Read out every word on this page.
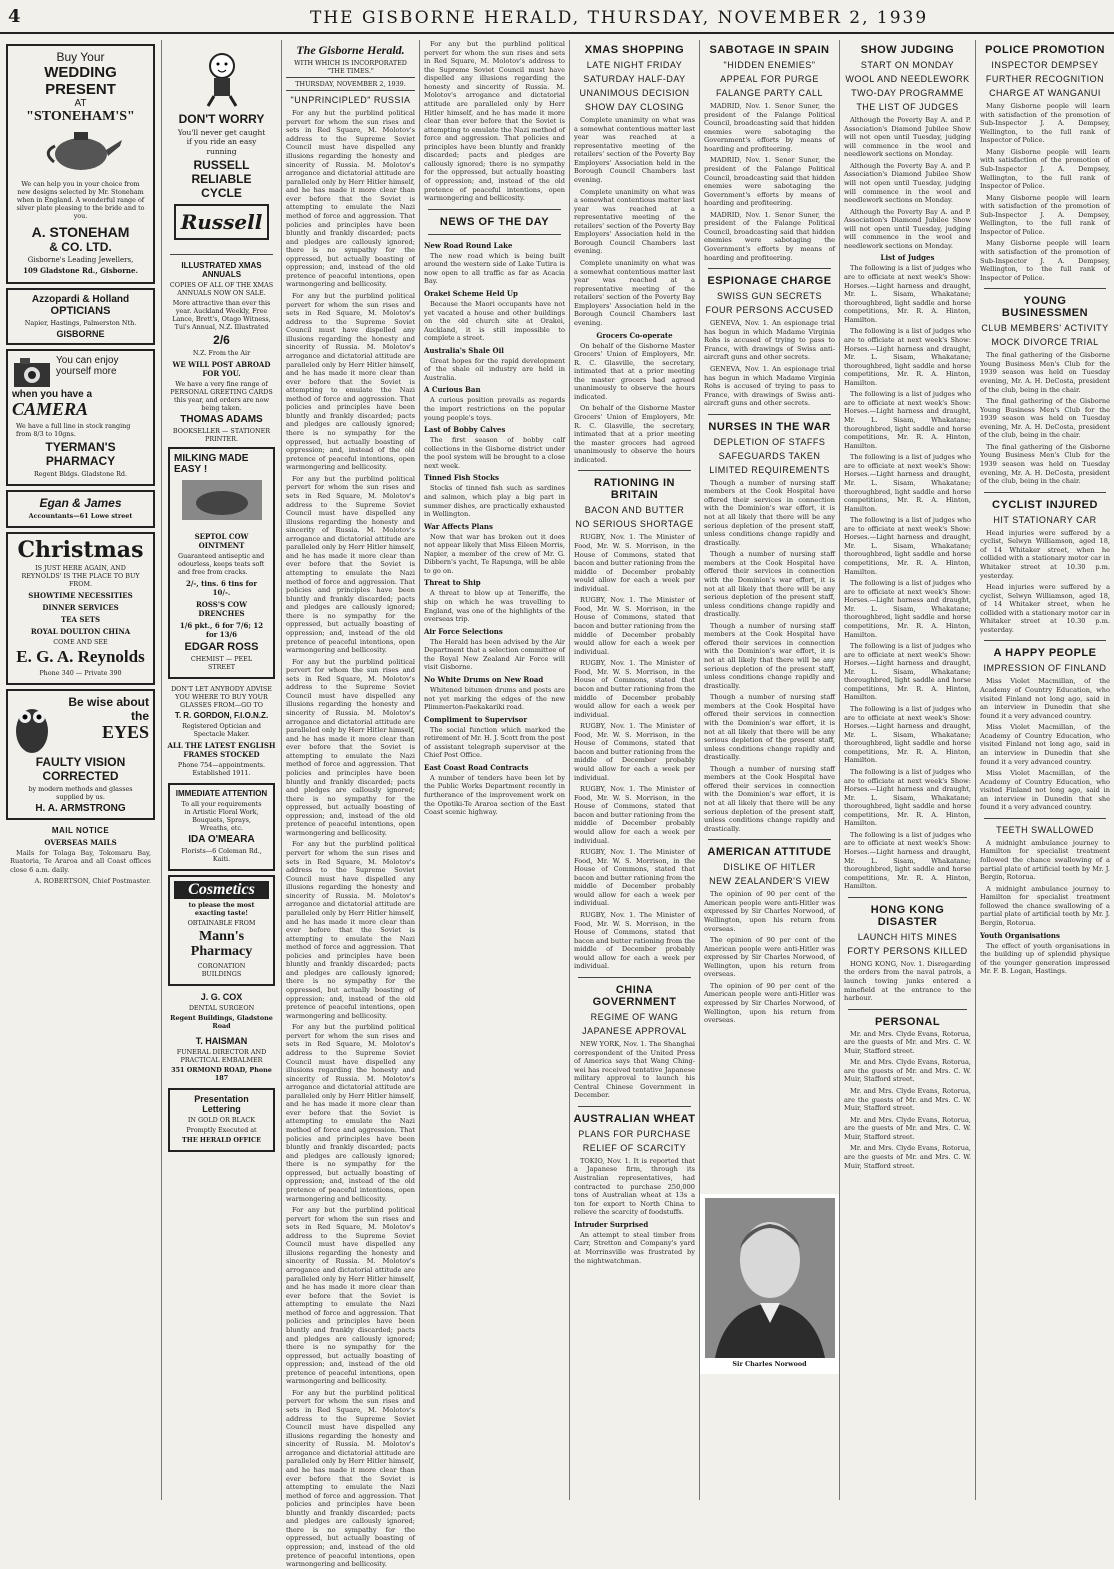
4	THE GISBORNE HERALD, THURSDAY, NOVEMBER 2, 1939
Buy Your
WEDDING
PRESENT
AT
"STONEHAM'S"
We can help you in your choice from new designs selected by Mr. Stoneham when in England. A wonderful range of silver plate pleasing to the bride and to you.
A. STONEHAM
& CO. LTD.
Gisborne's Leading Jewellers,
109 Gladstone Rd., Gisborne.
Azzopardi & Holland
OPTICIANS
Napier, Hastings, Palmerston Nth.
GISBORNE
You can enjoy yourself more
when you have a
CAMERA
We have a full line in stock ranging from 8/3 to 10gns.
TYERMAN'S
PHARMACY
Regent Bldgs. Gladstone Rd.
Egan & James
Accountants—61 Lowe street
Christmas
IS JUST HERE AGAIN, AND REYNOLDS' IS THE PLACE TO BUY FROM.
SHOWTIME NECESSITIES
DINNER SERVICES
TEA SETS
ROYAL DOULTON CHINA
COME AND SEE
E. G. A. Reynolds
Phone 340 — Private 390
Be wise about the
EYES
FAULTY VISION
CORRECTED
by modern methods and glasses supplied by us.
H. A. ARMSTRONG
MAIL NOTICE
OVERSEAS MAILS
Mails for Tolaga Bay, Tokomaru Bay, Ruatoria, Te Araroa and all Coast offices close 6 a.m. daily.
A. ROBERTSON, Chief Postmaster.
DON'T WORRY
You'll never get caught if you ride an easy running
RUSSELL
RELIABLE CYCLE
Russell
ILLUSTRATED XMAS ANNUALS
COPIES OF ALL OF THE XMAS ANNUALS NOW ON SALE.
More attractive than ever this year. Auckland Weekly, Free Lance, Brett's, Otago Witness, Tui's Annual, N.Z. Illustrated
2/6
N.Z. From the Air
WE WILL POST ABROAD FOR YOU.
We have a very fine range of PERSONAL GREETING CARDS this year, and orders are now being taken.
THOMAS ADAMS
BOOKSELLER — STATIONER PRINTER.
MILKING MADE EASY !
SEPTOL COW OINTMENT
Guaranteed antiseptic and odourless, keeps teats soft and free from cracks.
2/-, tins. 6 tins for 10/-.
ROSS'S COW DRENCHES
1/6 pkt., 6 for 7/6; 12 for 13/6
EDGAR ROSS
CHEMIST — PEEL STREET
DON'T LET ANYBODY ADVISE YOU WHERE TO BUY YOUR GLASSES FROM—GO TO
T. R. GORDON, F.I.O.N.Z.
Registered Optician and Spectacle Maker.
ALL THE LATEST ENGLISH FRAMES STOCKED
Phone 754—appointments. Established 1911.
IMMEDIATE ATTENTION
To all your requirements in Artistic Floral Work, Bouquets, Sprays, Wreaths, etc.
IDA O'MEARA
Florists—6 Coleman Rd., Kaiti.
Cosmetics
to please the most exacting taste!
OBTAINABLE FROM
Mann's Pharmacy
CORONATION BUILDINGS
J. G. COX
DENTAL SURGEON
Regent Buildings, Gladstone Road
T. HAISMAN
FUNERAL DIRECTOR AND PRACTICAL EMBALMER
351 ORMOND ROAD, Phone 187
Presentation Lettering
IN GOLD OR BLACK
Promptly Executed at
THE HERALD OFFICE
The Gisborne Herald.
WITH WHICH IS INCORPORATED "THE TIMES."
THURSDAY, NOVEMBER 2, 1939.
"UNPRINCIPLED" RUSSIA
For any but the purblind political pervert for whom the sun rises and sets in Red Square, M. Molotov's address to the Supreme Soviet Council must have dispelled any illusions regarding the honesty and sincerity of Russia. M. Molotov's arrogance and dictatorial attitude are paralleled only by Herr Hitler himself, and he has made it more clear than ever before that the Soviet is attempting to emulate the Nazi method of force and aggression. That policies and principles have been bluntly and frankly discarded; pacts and pledges are callously ignored; there is no sympathy for the oppressed, but actually boasting of oppression; and, instead of the old pretence of peaceful intentions, open warmongering and bellicosity.
For any but the purblind political pervert for whom the sun rises and sets in Red Square, M. Molotov's address to the Supreme Soviet Council must have dispelled any illusions regarding the honesty and sincerity of Russia. M. Molotov's arrogance and dictatorial attitude are paralleled only by Herr Hitler himself, and he has made it more clear than ever before that the Soviet is attempting to emulate the Nazi method of force and aggression. That policies and principles have been bluntly and frankly discarded; pacts and pledges are callously ignored; there is no sympathy for the oppressed, but actually boasting of oppression; and, instead of the old pretence of peaceful intentions, open warmongering and bellicosity.
For any but the purblind political pervert for whom the sun rises and sets in Red Square, M. Molotov's address to the Supreme Soviet Council must have dispelled any illusions regarding the honesty and sincerity of Russia. M. Molotov's arrogance and dictatorial attitude are paralleled only by Herr Hitler himself, and he has made it more clear than ever before that the Soviet is attempting to emulate the Nazi method of force and aggression. That policies and principles have been bluntly and frankly discarded; pacts and pledges are callously ignored; there is no sympathy for the oppressed, but actually boasting of oppression; and, instead of the old pretence of peaceful intentions, open warmongering and bellicosity.
For any but the purblind political pervert for whom the sun rises and sets in Red Square, M. Molotov's address to the Supreme Soviet Council must have dispelled any illusions regarding the honesty and sincerity of Russia. M. Molotov's arrogance and dictatorial attitude are paralleled only by Herr Hitler himself, and he has made it more clear than ever before that the Soviet is attempting to emulate the Nazi method of force and aggression. That policies and principles have been bluntly and frankly discarded; pacts and pledges are callously ignored; there is no sympathy for the oppressed, but actually boasting of oppression; and, instead of the old pretence of peaceful intentions, open warmongering and bellicosity.
For any but the purblind political pervert for whom the sun rises and sets in Red Square, M. Molotov's address to the Supreme Soviet Council must have dispelled any illusions regarding the honesty and sincerity of Russia. M. Molotov's arrogance and dictatorial attitude are paralleled only by Herr Hitler himself, and he has made it more clear than ever before that the Soviet is attempting to emulate the Nazi method of force and aggression. That policies and principles have been bluntly and frankly discarded; pacts and pledges are callously ignored; there is no sympathy for the oppressed, but actually boasting of oppression; and, instead of the old pretence of peaceful intentions, open warmongering and bellicosity.
For any but the purblind political pervert for whom the sun rises and sets in Red Square, M. Molotov's address to the Supreme Soviet Council must have dispelled any illusions regarding the honesty and sincerity of Russia. M. Molotov's arrogance and dictatorial attitude are paralleled only by Herr Hitler himself, and he has made it more clear than ever before that the Soviet is attempting to emulate the Nazi method of force and aggression. That policies and principles have been bluntly and frankly discarded; pacts and pledges are callously ignored; there is no sympathy for the oppressed, but actually boasting of oppression; and, instead of the old pretence of peaceful intentions, open warmongering and bellicosity.
For any but the purblind political pervert for whom the sun rises and sets in Red Square, M. Molotov's address to the Supreme Soviet Council must have dispelled any illusions regarding the honesty and sincerity of Russia. M. Molotov's arrogance and dictatorial attitude are paralleled only by Herr Hitler himself, and he has made it more clear than ever before that the Soviet is attempting to emulate the Nazi method of force and aggression. That policies and principles have been bluntly and frankly discarded; pacts and pledges are callously ignored; there is no sympathy for the oppressed, but actually boasting of oppression; and, instead of the old pretence of peaceful intentions, open warmongering and bellicosity.
For any but the purblind political pervert for whom the sun rises and sets in Red Square, M. Molotov's address to the Supreme Soviet Council must have dispelled any illusions regarding the honesty and sincerity of Russia. M. Molotov's arrogance and dictatorial attitude are paralleled only by Herr Hitler himself, and he has made it more clear than ever before that the Soviet is attempting to emulate the Nazi method of force and aggression. That policies and principles have been bluntly and frankly discarded; pacts and pledges are callously ignored; there is no sympathy for the oppressed, but actually boasting of oppression; and, instead of the old pretence of peaceful intentions, open warmongering and bellicosity.
For any but the purblind political pervert for whom the sun rises and sets in Red Square, M. Molotov's address to the Supreme Soviet Council must have dispelled any illusions regarding the honesty and sincerity of Russia. M. Molotov's arrogance and dictatorial attitude are paralleled only by Herr Hitler himself, and he has made it more clear than ever before that the Soviet is attempting to emulate the Nazi method of force and aggression. That policies and principles have been bluntly and frankly discarded; pacts and pledges are callously ignored; there is no sympathy for the oppressed, but actually boasting of oppression; and, instead of the old pretence of peaceful intentions, open warmongering and bellicosity.
NEWS OF THE DAY
New Road Round Lake
The new road which is being built around the western side of Lake Tutira is now open to all traffic as far as Acacia Bay.
Orakei Scheme Held Up
Because the Maori occupants have not yet vacated a house and other buildings on the old church site at Orakei, Auckland, it is still impossible to complete a street.
Australia's Shale Oil
Great hopes for the rapid development of the shale oil industry are held in Australia.
A Curious Ban
A curious position prevails as regards the import restrictions on the popular young people's toys.
Last of Bobby Calves
The first season of bobby calf collections in the Gisborne district under the pool system will be brought to a close next week.
Tinned Fish Stocks
Stocks of tinned fish such as sardines and salmon, which play a big part in summer dishes, are practically exhausted in Wellington.
War Affects Plans
Now that war has broken out it does not appear likely that Miss Eileen Morris, Napier, a member of the crew of Mr. G. Dibbern's yacht, Te Rapunga, will be able to go on.
Threat to Ship
A threat to blow up at Teneriffe, the ship on which he was travelling to England, was one of the highlights of the overseas trip.
Air Force Selections
The Herald has been advised by the Air Department that a selection committee of the Royal New Zealand Air Force will visit Gisborne.
No White Drums on New Road
Whitened bitumen drums and posts are not yet marking the edges of the new Plimmerton-Paekakariki road.
Compliment to Supervisor
The social function which marked the retirement of Mr. H. J. Scott from the post of assistant telegraph supervisor at the Chief Post Office.
East Coast Road Contracts
A number of tenders have been let by the Public Works Department recently in furtherance of the improvement work on the Opotiki-Te Araroa section of the East Coast scenic highway.
XMAS SHOPPING
LATE NIGHT FRIDAY
SATURDAY HALF-DAY
UNANIMOUS DECISION
SHOW DAY CLOSING
Complete unanimity on what was a somewhat contentious matter last year was reached at a representative meeting of the retailers' section of the Poverty Bay Employers' Association held in the Borough Council Chambers last evening.
Complete unanimity on what was a somewhat contentious matter last year was reached at a representative meeting of the retailers' section of the Poverty Bay Employers' Association held in the Borough Council Chambers last evening.
Complete unanimity on what was a somewhat contentious matter last year was reached at a representative meeting of the retailers' section of the Poverty Bay Employers' Association held in the Borough Council Chambers last evening.
Grocers Co-operate
On behalf of the Gisborne Master Grocers' Union of Employers, Mr. R. C. Glasville, the secretary, intimated that at a prior meeting the master grocers had agreed unanimously to observe the hours indicated.
On behalf of the Gisborne Master Grocers' Union of Employers, Mr. R. C. Glasville, the secretary, intimated that at a prior meeting the master grocers had agreed unanimously to observe the hours indicated.
RATIONING IN BRITAIN
BACON AND BUTTER
NO SERIOUS SHORTAGE
RUGBY, Nov. 1. The Minister of Food, Mr. W. S. Morrison, in the House of Commons, stated that bacon and butter rationing from the middle of December probably would allow for each a week per individual.
RUGBY, Nov. 1. The Minister of Food, Mr. W. S. Morrison, in the House of Commons, stated that bacon and butter rationing from the middle of December probably would allow for each a week per individual.
RUGBY, Nov. 1. The Minister of Food, Mr. W. S. Morrison, in the House of Commons, stated that bacon and butter rationing from the middle of December probably would allow for each a week per individual.
RUGBY, Nov. 1. The Minister of Food, Mr. W. S. Morrison, in the House of Commons, stated that bacon and butter rationing from the middle of December probably would allow for each a week per individual.
RUGBY, Nov. 1. The Minister of Food, Mr. W. S. Morrison, in the House of Commons, stated that bacon and butter rationing from the middle of December probably would allow for each a week per individual.
RUGBY, Nov. 1. The Minister of Food, Mr. W. S. Morrison, in the House of Commons, stated that bacon and butter rationing from the middle of December probably would allow for each a week per individual.
RUGBY, Nov. 1. The Minister of Food, Mr. W. S. Morrison, in the House of Commons, stated that bacon and butter rationing from the middle of December probably would allow for each a week per individual.
CHINA GOVERNMENT
REGIME OF WANG
JAPANESE APPROVAL
NEW YORK, Nov. 1. The Shanghai correspondent of the United Press of America says that Wang Ching-wei has received tentative Japanese military approval to launch his Central Chinese Government in December.
AUSTRALIAN WHEAT
PLANS FOR PURCHASE
RELIEF OF SCARCITY
TOKIO, Nov. 1. It is reported that a Japanese firm, through its Australian representatives, had contracted to purchase 250,000 tons of Australian wheat at 13s a ton for export to North China to relieve the scarcity of foodstuffs.
Intruder Surprised
An attempt to steal timber from Carr, Stretton and Company's yard at Morrinsville was frustrated by the nightwatchman.
SABOTAGE IN SPAIN
"HIDDEN ENEMIES"
APPEAL FOR PURGE
FALANGE PARTY CALL
MADRID, Nov. 1. Senor Suner, the president of the Falange Political Council, broadcasting said that hidden enemies were sabotaging the Government's efforts by means of hoarding and profiteering.
MADRID, Nov. 1. Senor Suner, the president of the Falange Political Council, broadcasting said that hidden enemies were sabotaging the Government's efforts by means of hoarding and profiteering.
MADRID, Nov. 1. Senor Suner, the president of the Falange Political Council, broadcasting said that hidden enemies were sabotaging the Government's efforts by means of hoarding and profiteering.
ESPIONAGE CHARGE
SWISS GUN SECRETS
FOUR PERSONS ACCUSED
GENEVA, Nov. 1. An espionage trial has begun in which Madame Virginia Rohs is accused of trying to pass to France, with drawings of Swiss anti-aircraft guns and other secrets.
GENEVA, Nov. 1. An espionage trial has begun in which Madame Virginia Rohs is accused of trying to pass to France, with drawings of Swiss anti-aircraft guns and other secrets.
NURSES IN THE WAR
DEPLETION OF STAFFS
SAFEGUARDS TAKEN
LIMITED REQUIREMENTS
Though a number of nursing staff members at the Cook Hospital have offered their services in connection with the Dominion's war effort, it is not at all likely that there will be any serious depletion of the present staff, unless conditions change rapidly and drastically.
Though a number of nursing staff members at the Cook Hospital have offered their services in connection with the Dominion's war effort, it is not at all likely that there will be any serious depletion of the present staff, unless conditions change rapidly and drastically.
Though a number of nursing staff members at the Cook Hospital have offered their services in connection with the Dominion's war effort, it is not at all likely that there will be any serious depletion of the present staff, unless conditions change rapidly and drastically.
Though a number of nursing staff members at the Cook Hospital have offered their services in connection with the Dominion's war effort, it is not at all likely that there will be any serious depletion of the present staff, unless conditions change rapidly and drastically.
Though a number of nursing staff members at the Cook Hospital have offered their services in connection with the Dominion's war effort, it is not at all likely that there will be any serious depletion of the present staff, unless conditions change rapidly and drastically.
AMERICAN ATTITUDE
DISLIKE OF HITLER
NEW ZEALANDER'S VIEW
The opinion of 90 per cent of the American people were anti-Hitler was expressed by Sir Charles Norwood, of Wellington, upon his return from overseas.
The opinion of 90 per cent of the American people were anti-Hitler was expressed by Sir Charles Norwood, of Wellington, upon his return from overseas.
The opinion of 90 per cent of the American people were anti-Hitler was expressed by Sir Charles Norwood, of Wellington, upon his return from overseas.
Sir Charles Norwood
SHOW JUDGING
START ON MONDAY
WOOL AND NEEDLEWORK
TWO-DAY PROGRAMME
THE LIST OF JUDGES
Although the Poverty Bay A. and P. Association's Diamond Jubilee Show will not open until Tuesday, judging will commence in the wool and needlework sections on Monday.
Although the Poverty Bay A. and P. Association's Diamond Jubilee Show will not open until Tuesday, judging will commence in the wool and needlework sections on Monday.
Although the Poverty Bay A. and P. Association's Diamond Jubilee Show will not open until Tuesday, judging will commence in the wool and needlework sections on Monday.
List of Judges
The following is a list of judges who are to officiate at next week's Show: Horses.—Light harness and draught, Mr. L. Sisam, Whakatane; thoroughbred, light saddle and horse competitions, Mr. R. A. Hinton, Hamilton.
The following is a list of judges who are to officiate at next week's Show: Horses.—Light harness and draught, Mr. L. Sisam, Whakatane; thoroughbred, light saddle and horse competitions, Mr. R. A. Hinton, Hamilton.
The following is a list of judges who are to officiate at next week's Show: Horses.—Light harness and draught, Mr. L. Sisam, Whakatane; thoroughbred, light saddle and horse competitions, Mr. R. A. Hinton, Hamilton.
The following is a list of judges who are to officiate at next week's Show: Horses.—Light harness and draught, Mr. L. Sisam, Whakatane; thoroughbred, light saddle and horse competitions, Mr. R. A. Hinton, Hamilton.
The following is a list of judges who are to officiate at next week's Show: Horses.—Light harness and draught, Mr. L. Sisam, Whakatane; thoroughbred, light saddle and horse competitions, Mr. R. A. Hinton, Hamilton.
The following is a list of judges who are to officiate at next week's Show: Horses.—Light harness and draught, Mr. L. Sisam, Whakatane; thoroughbred, light saddle and horse competitions, Mr. R. A. Hinton, Hamilton.
The following is a list of judges who are to officiate at next week's Show: Horses.—Light harness and draught, Mr. L. Sisam, Whakatane; thoroughbred, light saddle and horse competitions, Mr. R. A. Hinton, Hamilton.
The following is a list of judges who are to officiate at next week's Show: Horses.—Light harness and draught, Mr. L. Sisam, Whakatane; thoroughbred, light saddle and horse competitions, Mr. R. A. Hinton, Hamilton.
The following is a list of judges who are to officiate at next week's Show: Horses.—Light harness and draught, Mr. L. Sisam, Whakatane; thoroughbred, light saddle and horse competitions, Mr. R. A. Hinton, Hamilton.
The following is a list of judges who are to officiate at next week's Show: Horses.—Light harness and draught, Mr. L. Sisam, Whakatane; thoroughbred, light saddle and horse competitions, Mr. R. A. Hinton, Hamilton.
HONG KONG DISASTER
LAUNCH HITS MINES
FORTY PERSONS KILLED
HONG KONG, Nov. 1. Disregarding the orders from the naval patrols, a launch towing junks entered a minefield at the entrance to the harbour.
PERSONAL
Mr. and Mrs. Clyde Evans, Rotorua, are the guests of Mr. and Mrs. C. W. Muir, Stafford street.
Mr. and Mrs. Clyde Evans, Rotorua, are the guests of Mr. and Mrs. C. W. Muir, Stafford street.
Mr. and Mrs. Clyde Evans, Rotorua, are the guests of Mr. and Mrs. C. W. Muir, Stafford street.
Mr. and Mrs. Clyde Evans, Rotorua, are the guests of Mr. and Mrs. C. W. Muir, Stafford street.
Mr. and Mrs. Clyde Evans, Rotorua, are the guests of Mr. and Mrs. C. W. Muir, Stafford street.
POLICE PROMOTION
INSPECTOR DEMPSEY
FURTHER RECOGNITION
CHARGE AT WANGANUI
Many Gisborne people will learn with satisfaction of the promotion of Sub-Inspector J. A. Dempsey, Wellington, to the full rank of Inspector of Police.
Many Gisborne people will learn with satisfaction of the promotion of Sub-Inspector J. A. Dempsey, Wellington, to the full rank of Inspector of Police.
Many Gisborne people will learn with satisfaction of the promotion of Sub-Inspector J. A. Dempsey, Wellington, to the full rank of Inspector of Police.
Many Gisborne people will learn with satisfaction of the promotion of Sub-Inspector J. A. Dempsey, Wellington, to the full rank of Inspector of Police.
YOUNG BUSINESSMEN
CLUB MEMBERS' ACTIVITY
MOCK DIVORCE TRIAL
The final gathering of the Gisborne Young Business Men's Club for the 1939 season was held on Tuesday evening, Mr. A. H. DeCosta, president of the club, being in the chair.
The final gathering of the Gisborne Young Business Men's Club for the 1939 season was held on Tuesday evening, Mr. A. H. DeCosta, president of the club, being in the chair.
The final gathering of the Gisborne Young Business Men's Club for the 1939 season was held on Tuesday evening, Mr. A. H. DeCosta, president of the club, being in the chair.
CYCLIST INJURED
HIT STATIONARY CAR
Head injuries were suffered by a cyclist, Selwyn Williamson, aged 18, of 14 Whitaker street, when he collided with a stationary motor car in Whitaker street at 10.30 p.m. yesterday.
Head injuries were suffered by a cyclist, Selwyn Williamson, aged 18, of 14 Whitaker street, when he collided with a stationary motor car in Whitaker street at 10.30 p.m. yesterday.
A HAPPY PEOPLE
IMPRESSION OF FINLAND
Miss Violet Macmillan, of the Academy of Country Education, who visited Finland not long ago, said in an interview in Dunedin that she found it a very advanced country.
Miss Violet Macmillan, of the Academy of Country Education, who visited Finland not long ago, said in an interview in Dunedin that she found it a very advanced country.
Miss Violet Macmillan, of the Academy of Country Education, who visited Finland not long ago, said in an interview in Dunedin that she found it a very advanced country.
TEETH SWALLOWED
A midnight ambulance journey to Hamilton for specialist treatment followed the chance swallowing of a partial plate of artificial teeth by Mr. J. Bergin, Rotorua.
A midnight ambulance journey to Hamilton for specialist treatment followed the chance swallowing of a partial plate of artificial teeth by Mr. J. Bergin, Rotorua.
Youth Organisations
The effect of youth organisations in the building up of splendid physique of the younger generation impressed Mr. F. B. Logan, Hastings.
